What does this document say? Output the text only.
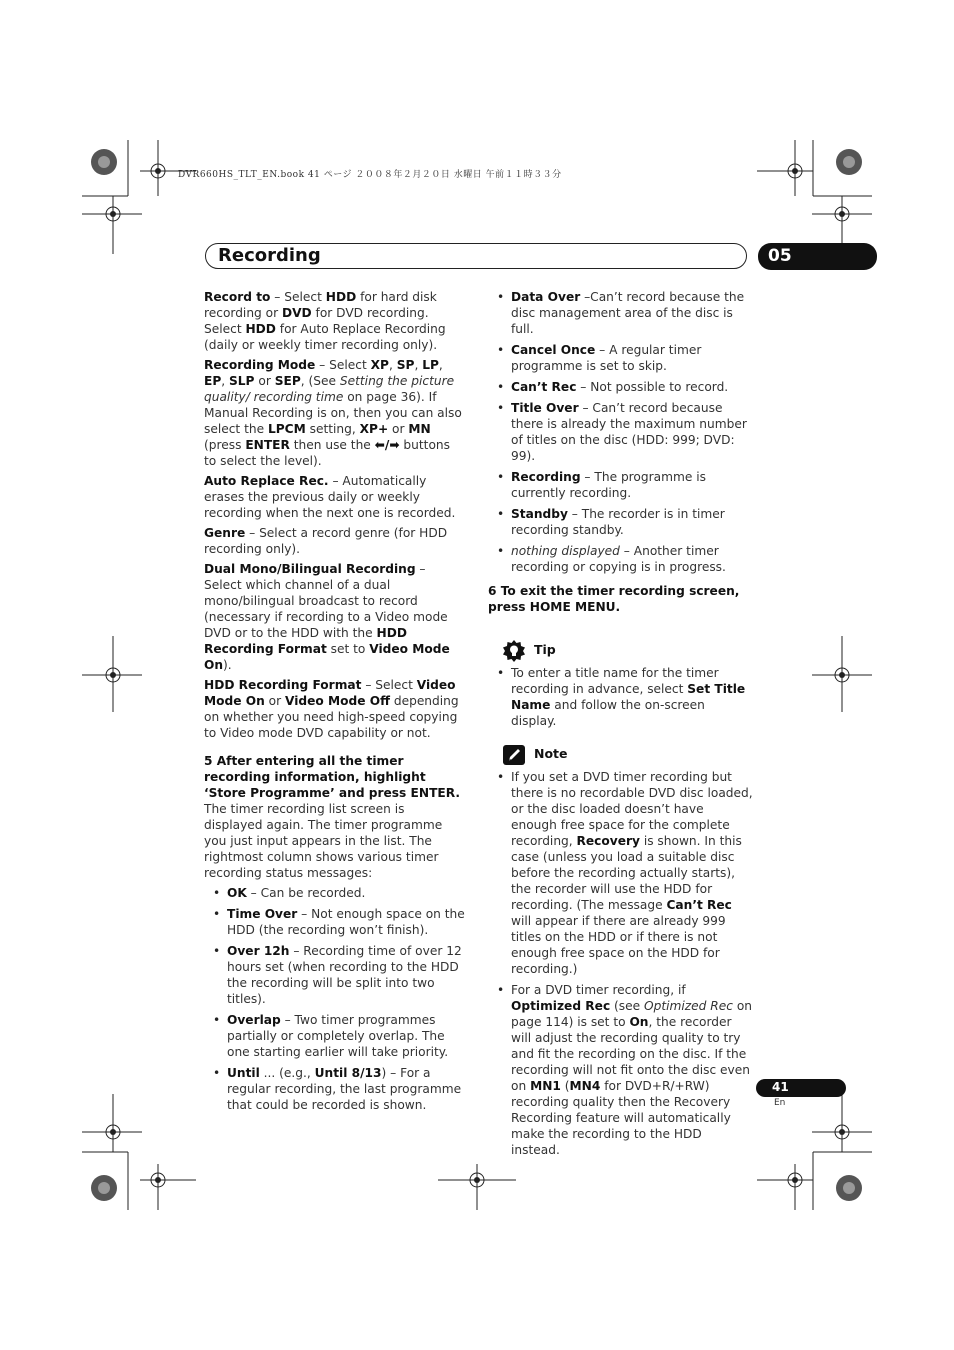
DVR660HS_TLT_EN.book 41 ページ ２００８年２月２０日 水曜日 午前１１時３３分
Recording	05

Record to – Select HDD for hard disk recording or DVD for DVD recording. Select HDD for Auto Replace Recording (daily or weekly timer recording only).

Recording Mode – Select XP, SP, LP, EP, SLP or SEP, (See Setting the picture quality/ recording time on page 36). If Manual Recording is on, then you can also select the LPCM setting, XP+ or MN (press ENTER then use the ⬅/➡ buttons to select the level).

Auto Replace Rec. – Automatically erases the previous daily or weekly recording when the next one is recorded.

Genre – Select a record genre (for HDD recording only).

Dual Mono/Bilingual Recording – Select which channel of a dual mono/bilingual broadcast to record (necessary if recording to a Video mode DVD or to the HDD with the HDD Recording Format set to Video Mode On).

HDD Recording Format – Select Video Mode On or Video Mode Off depending on whether you need high-speed copying to Video mode DVD capability or not.

5 After entering all the timer recording information, highlight ‘Store Programme’ and press ENTER.

The timer recording list screen is displayed again. The timer programme you just input appears in the list. The rightmost column shows various timer recording status messages:

• OK – Can be recorded.
• Time Over – Not enough space on the HDD (the recording won’t finish).
• Over 12h – Recording time of over 12 hours set (when recording to the HDD the recording will be split into two titles).
• Overlap – Two timer programmes partially or completely overlap. The one starting earlier will take priority.
• Until ... (e.g., Until 8/13) – For a regular recording, the last programme that could be recorded is shown.
• Data Over –Can’t record because the disc management area of the disc is full.
• Cancel Once – A regular timer programme is set to skip.
• Can’t Rec – Not possible to record.
• Title Over – Can’t record because there is already the maximum number of titles on the disc (HDD: 999; DVD: 99).
• Recording – The programme is currently recording.
• Standby – The recorder is in timer recording standby.
• nothing displayed – Another timer recording or copying is in progress.

6 To exit the timer recording screen, press HOME MENU.

Tip
• To enter a title name for the timer recording in advance, select Set Title Name and follow the on-screen display.
Note
• If you set a DVD timer recording but there is no recordable DVD disc loaded, or the disc loaded doesn’t have enough free space for the complete recording, Recovery is shown. In this case (unless you load a suitable disc before the recording actually starts), the recorder will use the HDD for recording. (The message Can’t Rec will appear if there are already 999 titles on the HDD or if there is not enough free space on the HDD for recording.)
• For a DVD timer recording, if Optimized Rec (see Optimized Rec on page 114) is set to On, the recorder will adjust the recording quality to try and fit the recording on the disc. If the recording will not fit onto the disc even on MN1 (MN4 for DVD+R/+RW) recording quality then the Recovery Recording feature will automatically make the recording to the HDD instead.
41
En
